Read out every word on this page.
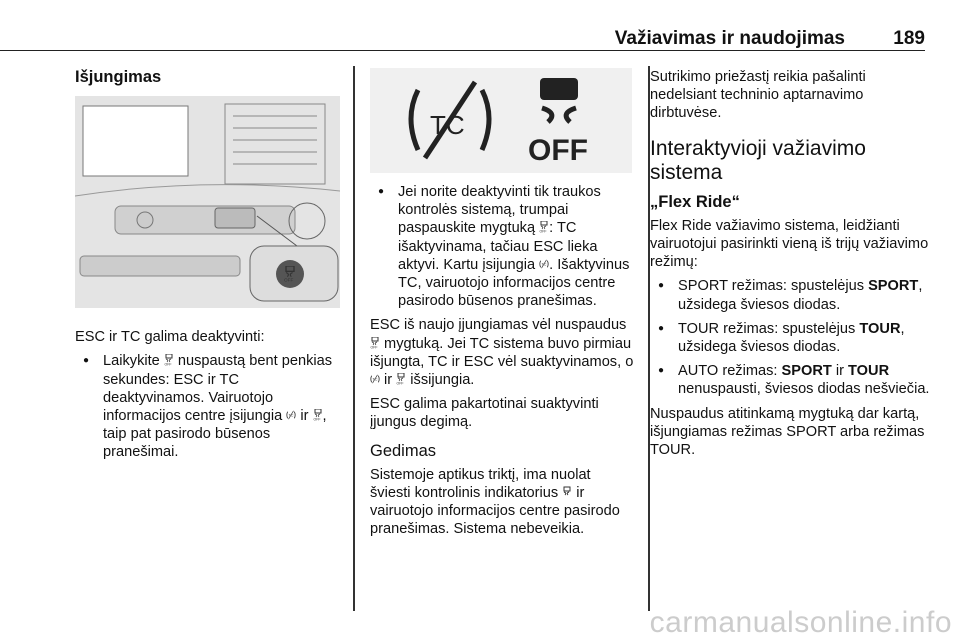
Važiavimas ir naudojimas	189
Išjungimas

ESC ir TC galima deaktyvinti:

● Laikykite  nuspaustą bent penkias sekundes: ESC ir TC deaktyvinamos. Vairuotojo informacijos centre įsijungia  ir , taip pat pasirodo būsenos pranešimai.
TC
OFF
● Jei norite deaktyvinti tik traukos kontrolės sistemą, trumpai paspauskite mygtuką : TC išaktyvinama, tačiau ESC lieka aktyvi. Kartu įsijungia . Išaktyvinus TC, vairuotojo informacijos centre pasirodo būsenos pranešimas.

ESC iš naujo įjungiamas vėl nuspaudus  mygtuką. Jei TC sistema buvo pirmiau išjungta, TC ir ESC vėl suaktyvinamos, o  ir  išsijungia.

ESC galima pakartotinai suaktyvinti įjungus degimą.

Gedimas

Sistemoje aptikus triktį, ima nuolat šviesti kontrolinis indikatorius  ir vairuotojo informacijos centre pasirodo pranešimas. Sistema nebeveikia.

Sutrikimo priežastį reikia pašalinti nedelsiant techninio aptarnavimo dirbtuvėse.

Interaktyvioji važiavimo sistema
„Flex Ride“

Flex Ride važiavimo sistema, leidžianti vairuotojui pasirinkti vieną iš trijų važiavimo režimų:

● SPORT režimas: spustelėjus SPORT, užsidega šviesos diodas.
● TOUR režimas: spustelėjus TOUR, užsidega šviesos diodas.
● AUTO režimas: SPORT ir TOUR nenuspausti, šviesos diodas nešviečia.

Nuspaudus atitinkamą mygtuką dar kartą, išjungiamas režimas SPORT arba režimas TOUR.

carmanualsonline.info
